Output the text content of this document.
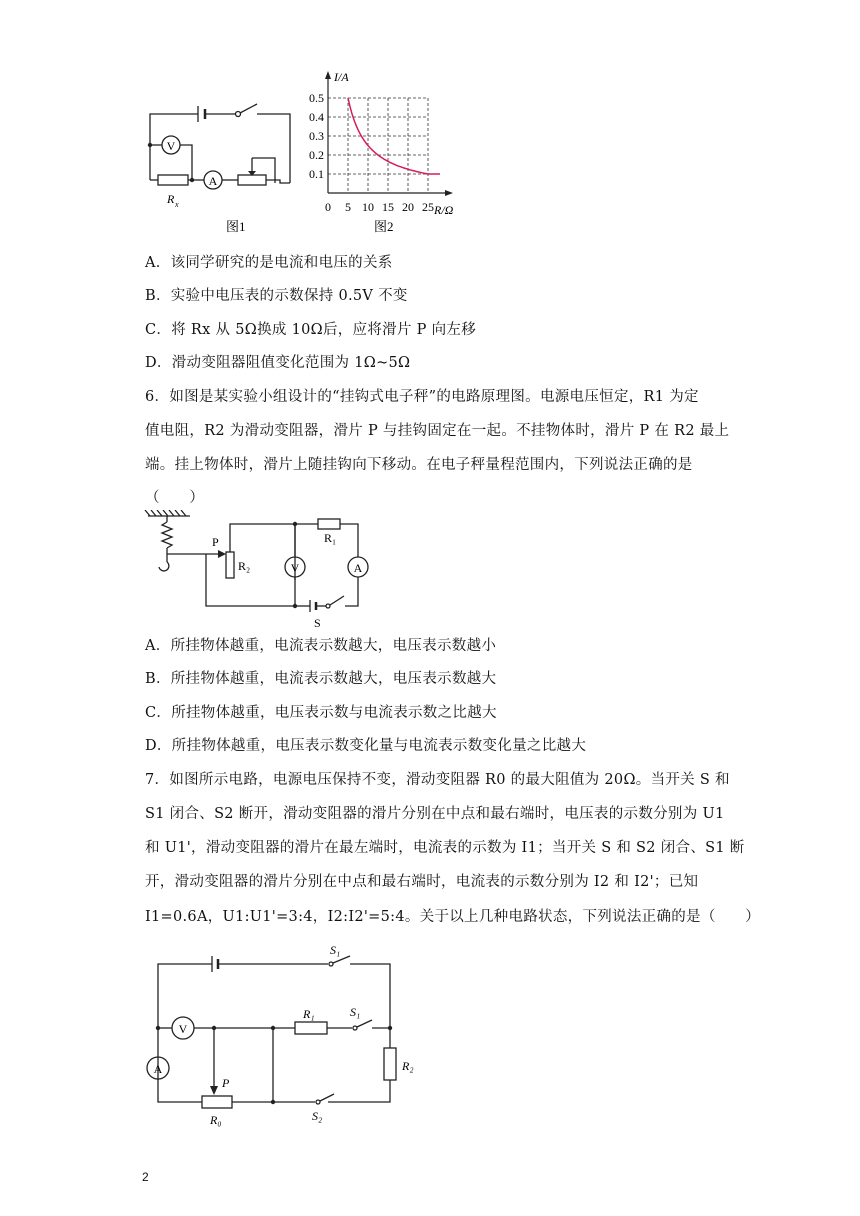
V
A
R x
图1
I/A
R/Ω
0.5
0.4
0.3
0.2
0.1
0 5 10 15 20 25
图2
A．该同学研究的是电流和电压的关系
B．实验中电压表的示数保持 0.5V 不变
C．将 Rx 从 5Ω换成 10Ω后，应将滑片 P 向左移
D．滑动变阻器阻值变化范围为 1Ω~5Ω
6．如图是某实验小组设计的“挂钩式电子秤”的电路原理图。电源电压恒定，R1 为定
值电阻，R2 为滑动变阻器，滑片 P 与挂钩固定在一起。不挂物体时，滑片 P 在 R2 最上
端。挂上物体时，滑片上随挂钩向下移动。在电子秤量程范围内，下列说法正确的是
（　　）
P
R₂
R₁
V	A
S
A．所挂物体越重，电流表示数越大，电压表示数越小
B．所挂物体越重，电流表示数越大，电压表示数越大
C．所挂物体越重，电压表示数与电流表示数之比越大
D．所挂物体越重，电压表示数变化量与电流表示数变化量之比越大
7．如图所示电路，电源电压保持不变，滑动变阻器 R0 的最大阻值为 20Ω。当开关 S 和
S1 闭合、S2 断开，滑动变阻器的滑片分别在中点和最右端时，电压表的示数分别为 U1
和 U1'，滑动变阻器的滑片在最左端时，电流表的示数为 I1；当开关 S 和 S2 闭合、S1 断
开，滑动变阻器的滑片分别在中点和最右端时，电流表的示数分别为 I2 和 I2'；已知
I1=0.6A，U1:U1'=3:4，I2:I2'=5:4。关于以上几种电路状态，下列说法正确的是（　　）
S₁
V
R₁	S₁
A	R₂
P
R₀	S₂
2
